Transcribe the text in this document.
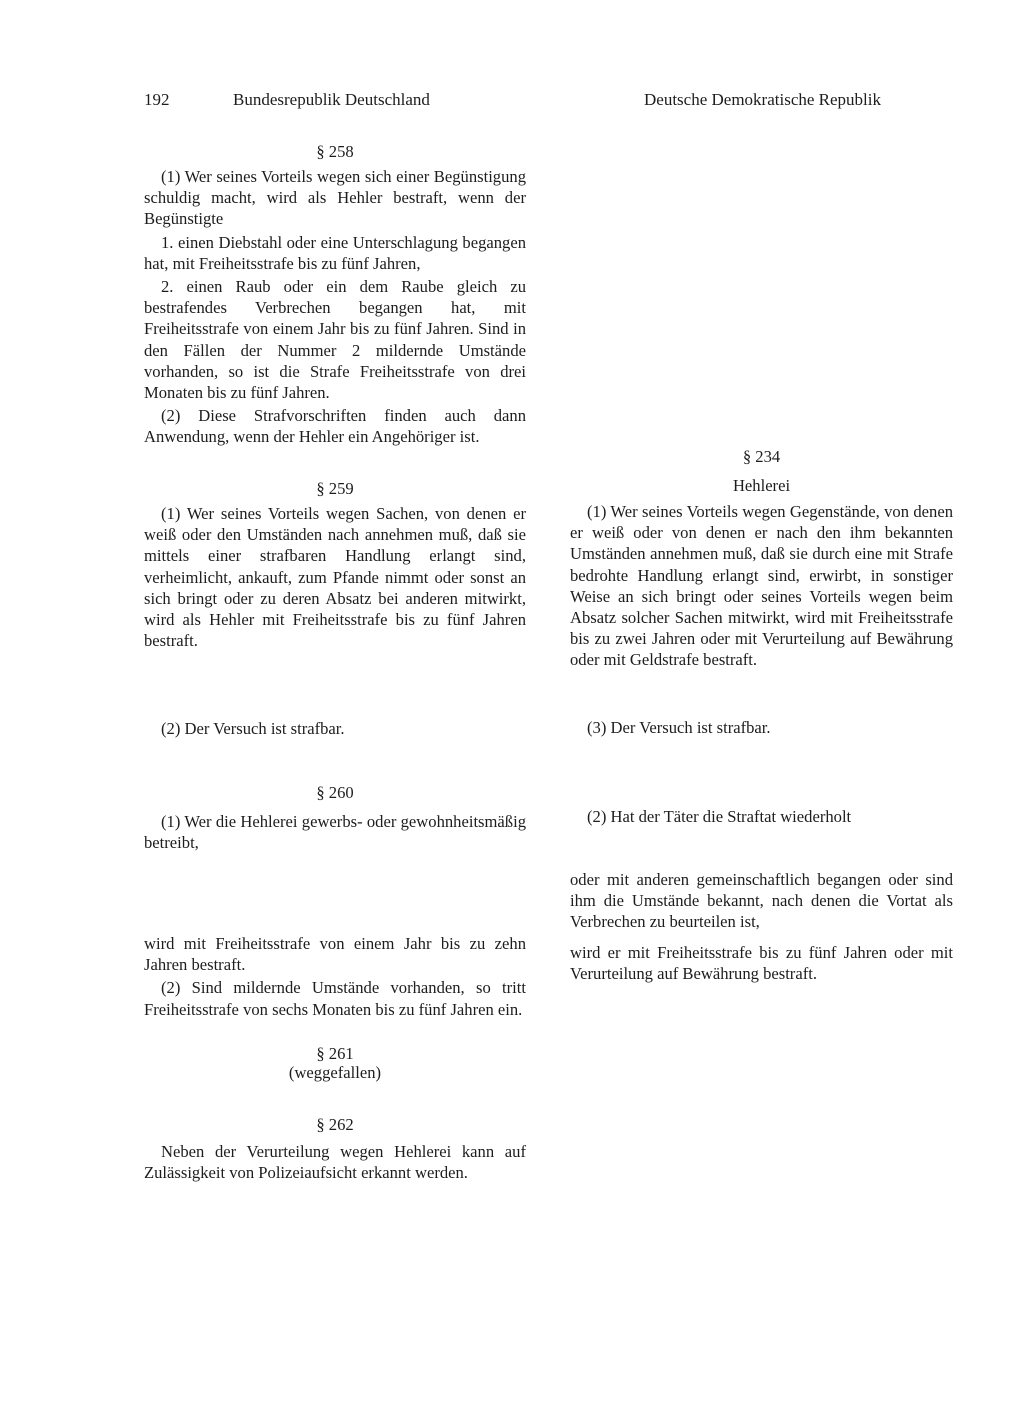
192	Bundesrepublik Deutschland	Deutsche Demokratische Republik
§ 258

(1) Wer seines Vorteils wegen sich einer Begünstigung schuldig macht, wird als Hehler bestraft, wenn der Begünstigte

1. einen Diebstahl oder eine Unterschlagung begangen hat, mit Freiheitsstrafe bis zu fünf Jahren,

2. einen Raub oder ein dem Raube gleich zu bestrafendes Verbrechen begangen hat, mit Freiheitsstrafe von einem Jahr bis zu fünf Jahren. Sind in den Fällen der Nummer 2 mildernde Umstände vorhanden, so ist die Strafe Freiheitsstrafe von drei Monaten bis zu fünf Jahren.

(2) Diese Strafvorschriften finden auch dann Anwendung, wenn der Hehler ein Angehöriger ist.

§ 259

(1) Wer seines Vorteils wegen Sachen, von denen er weiß oder den Umständen nach annehmen muß, daß sie mittels einer strafbaren Handlung erlangt sind, verheimlicht, ankauft, zum Pfande nimmt oder sonst an sich bringt oder zu deren Absatz bei anderen mitwirkt, wird als Hehler mit Freiheitsstrafe bis zu fünf Jahren bestraft.

(2) Der Versuch ist strafbar.

§ 260

(1) Wer die Hehlerei gewerbs- oder gewohnheitsmäßig betreibt,

wird mit Freiheitsstrafe von einem Jahr bis zu zehn Jahren bestraft.

(2) Sind mildernde Umstände vorhanden, so tritt Freiheitsstrafe von sechs Monaten bis zu fünf Jahren ein.

§ 261
(weggefallen)
§ 262

Neben der Verurteilung wegen Hehlerei kann auf Zulässigkeit von Polizeiaufsicht erkannt werden.

§ 234
Hehlerei

(1) Wer seines Vorteils wegen Gegenstände, von denen er weiß oder von denen er nach den ihm bekannten Umständen annehmen muß, daß sie durch eine mit Strafe bedrohte Handlung erlangt sind, erwirbt, in sonstiger Weise an sich bringt oder seines Vorteils wegen beim Absatz solcher Sachen mitwirkt, wird mit Freiheitsstrafe bis zu zwei Jahren oder mit Verurteilung auf Bewährung oder mit Geldstrafe bestraft.

(3) Der Versuch ist strafbar.

(2) Hat der Täter die Straftat wiederholt

oder mit anderen gemeinschaftlich begangen oder sind ihm die Umstände bekannt, nach denen die Vortat als Verbrechen zu beurteilen ist,

wird er mit Freiheitsstrafe bis zu fünf Jahren oder mit Verurteilung auf Bewährung bestraft.
